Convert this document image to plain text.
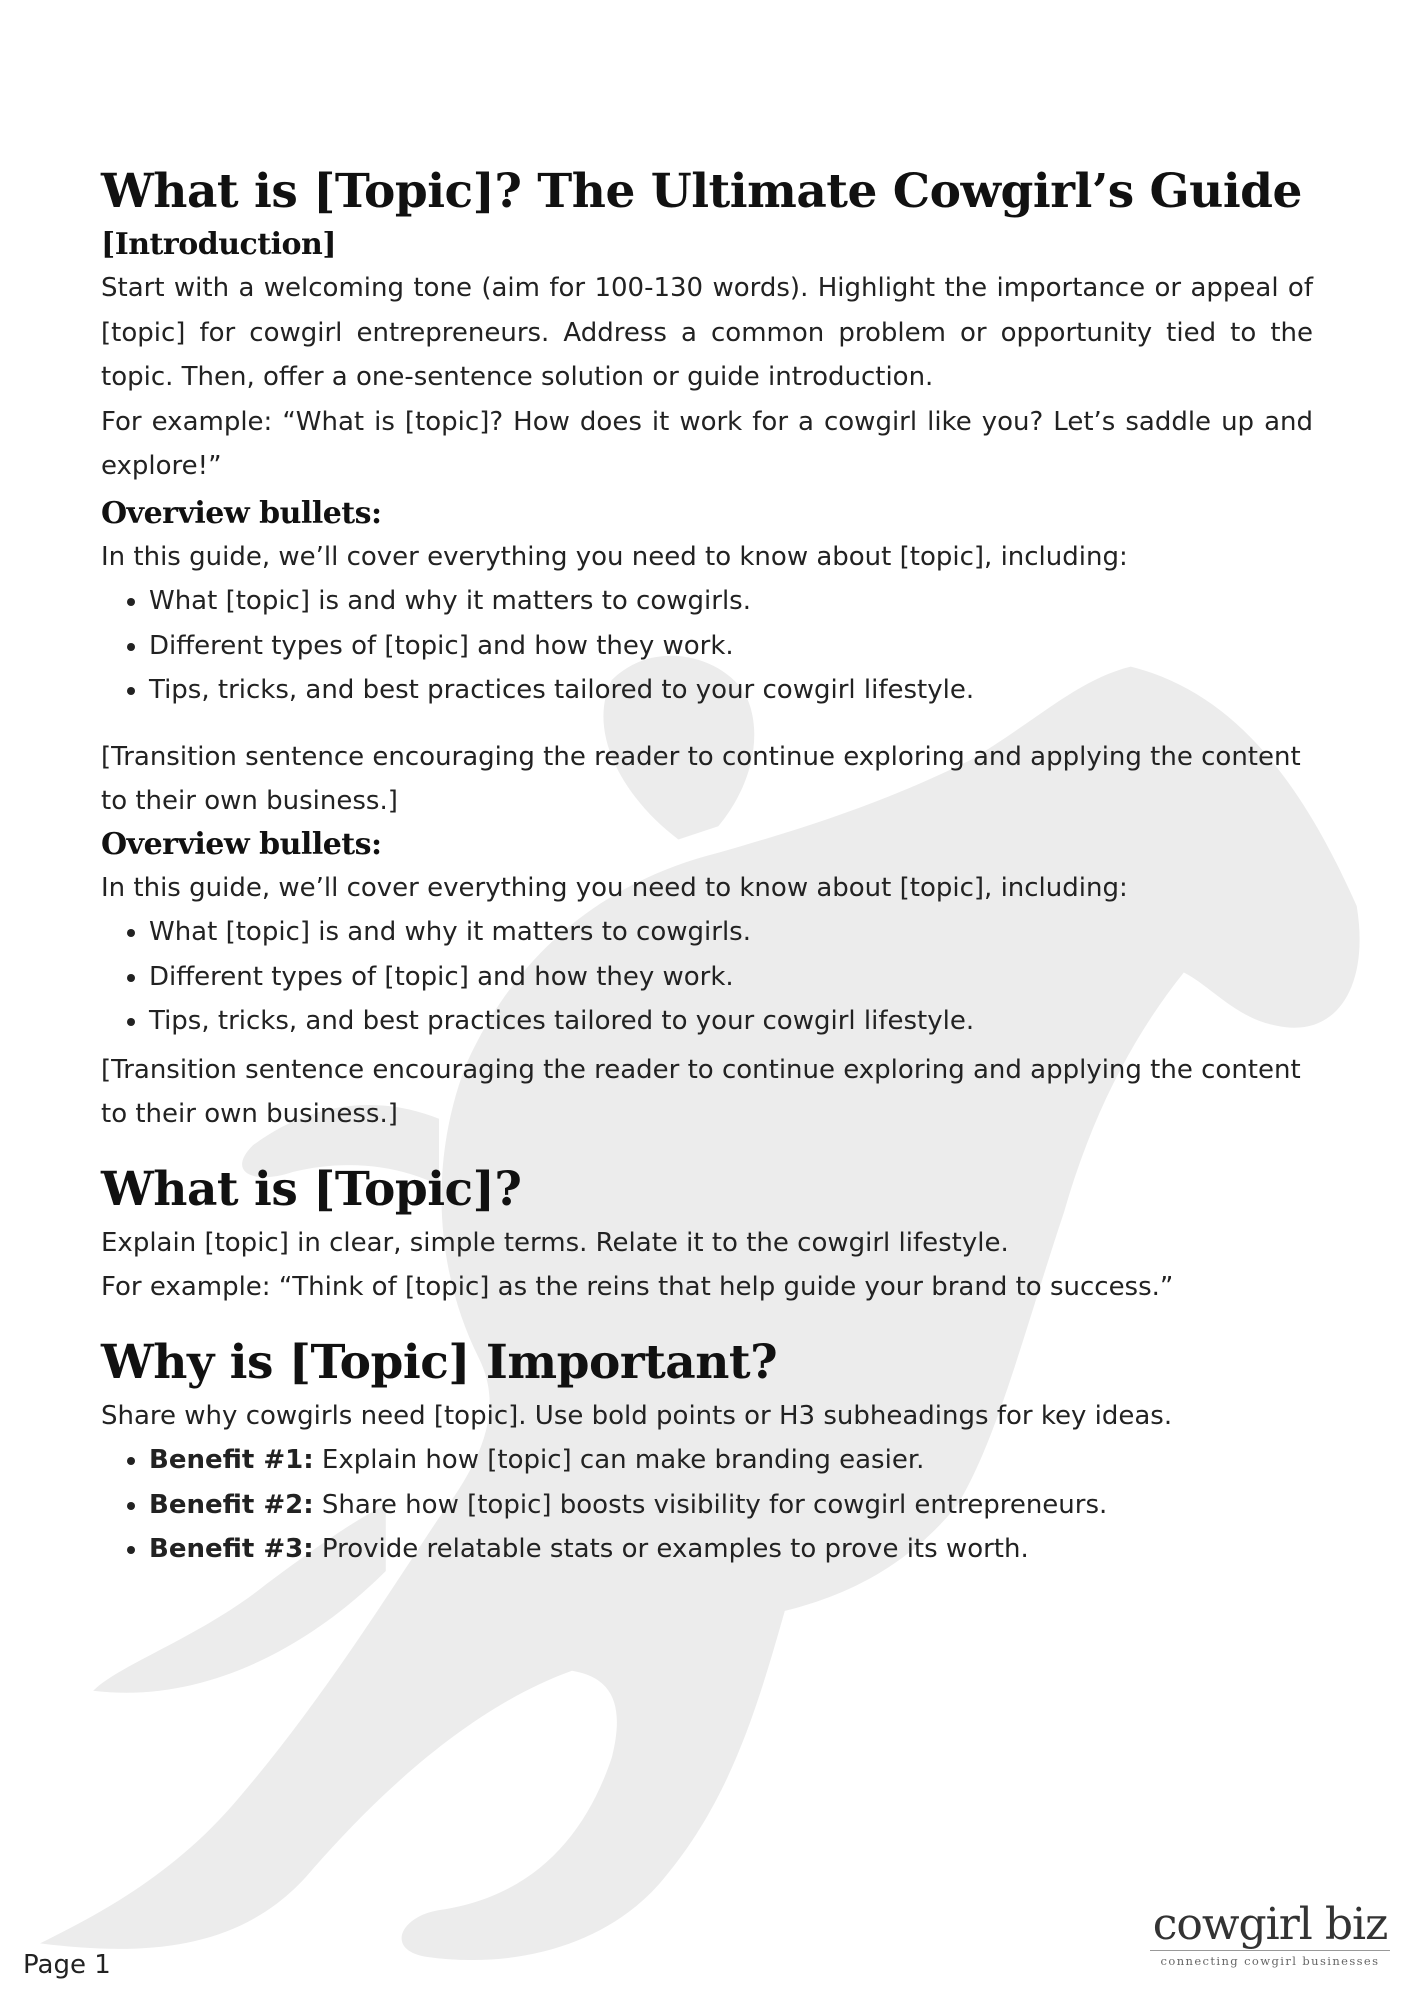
What is [Topic]? The Ultimate Cowgirl’s Guide
[Introduction]

Start with a welcoming tone (aim for 100-130 words). Highlight the importance or appeal of [topic] for cowgirl entrepreneurs. Address a common problem or opportunity tied to the topic. Then, offer a one-sentence solution or guide introduction.

For example: “What is [topic]? How does it work for a cowgirl like you? Let’s saddle up and explore!”

Overview bullets:

In this guide, we’ll cover everything you need to know about [topic], including:

• What [topic] is and why it matters to cowgirls.
• Different types of [topic] and how they work.
• Tips, tricks, and best practices tailored to your cowgirl lifestyle.

[Transition sentence encouraging the reader to continue exploring and applying the content to their own business.]

Overview bullets:

In this guide, we’ll cover everything you need to know about [topic], including:

• What [topic] is and why it matters to cowgirls.
• Different types of [topic] and how they work.
• Tips, tricks, and best practices tailored to your cowgirl lifestyle.

[Transition sentence encouraging the reader to continue exploring and applying the content to their own business.]

What is [Topic]?

Explain [topic] in clear, simple terms. Relate it to the cowgirl lifestyle.

For example: “Think of [topic] as the reins that help guide your brand to success.”

Why is [Topic] Important?

Share why cowgirls need [topic]. Use bold points or H3 subheadings for key ideas.

• Benefit #1: Explain how [topic] can make branding easier.
• Benefit #2: Share how [topic] boosts visibility for cowgirl entrepreneurs.
• Benefit #3: Provide relatable stats or examples to prove its worth.
Page 1
cowgirl biz
connecting cowgirl businesses
